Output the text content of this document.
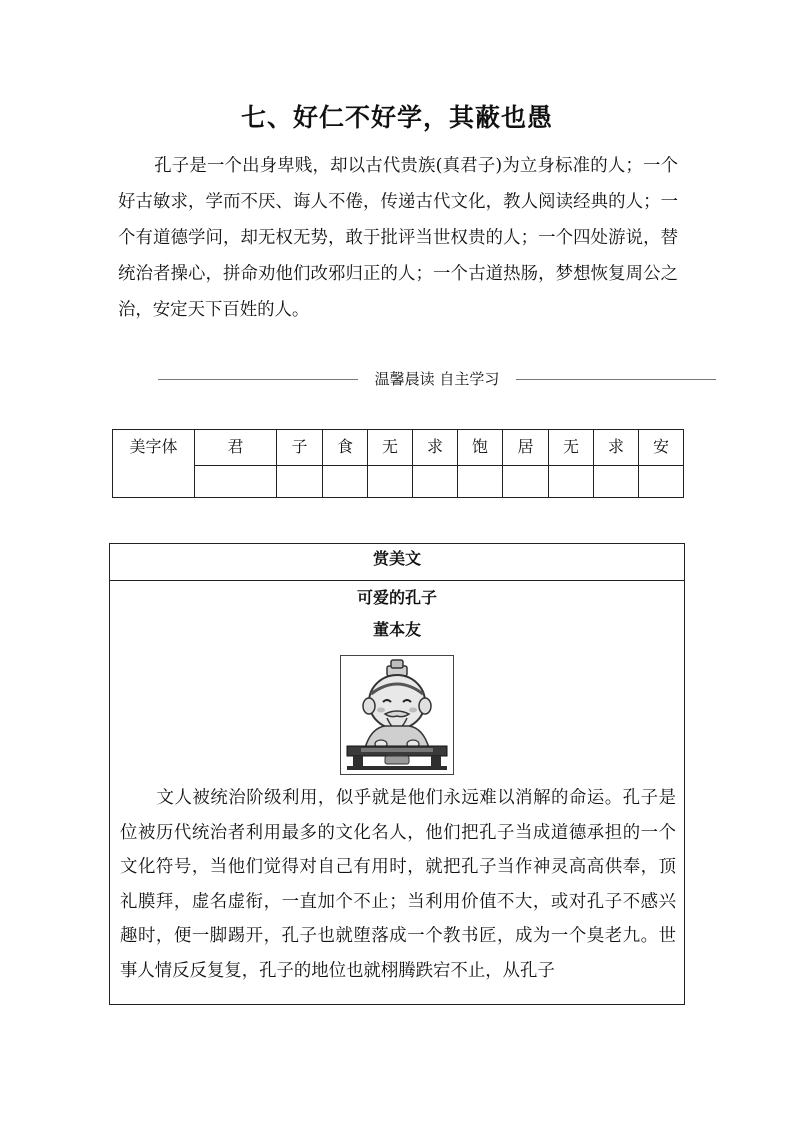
七、好仁不好学，其蔽也愚
孔子是一个出身卑贱，却以古代贵族(真君子)为立身标准的人；一个好古敏求，学而不厌、诲人不倦，传递古代文化，教人阅读经典的人；一个有道德学问，却无权无势，敢于批评当世权贵的人；一个四处游说，替统治者操心，拼命劝他们改邪归正的人；一个古道热肠，梦想恢复周公之治，安定天下百姓的人。
温馨晨读 自主学习
美字体	君	子	食	无	求	饱	居	无	求	安

赏美文
可爱的孔子
董本友
文人被统治阶级利用，似乎就是他们永远难以消解的命运。孔子是位被历代统治者利用最多的文化名人，他们把孔子当成道德承担的一个文化符号，当他们觉得对自己有用时，就把孔子当作神灵高高供奉，顶礼膜拜，虚名虚衔，一直加个不止；当利用价值不大，或对孔子不感兴趣时，便一脚踢开，孔子也就堕落成一个教书匠，成为一个臭老九。世事人情反反复复，孔子的地位也就栩腾跌宕不止，从孔子
